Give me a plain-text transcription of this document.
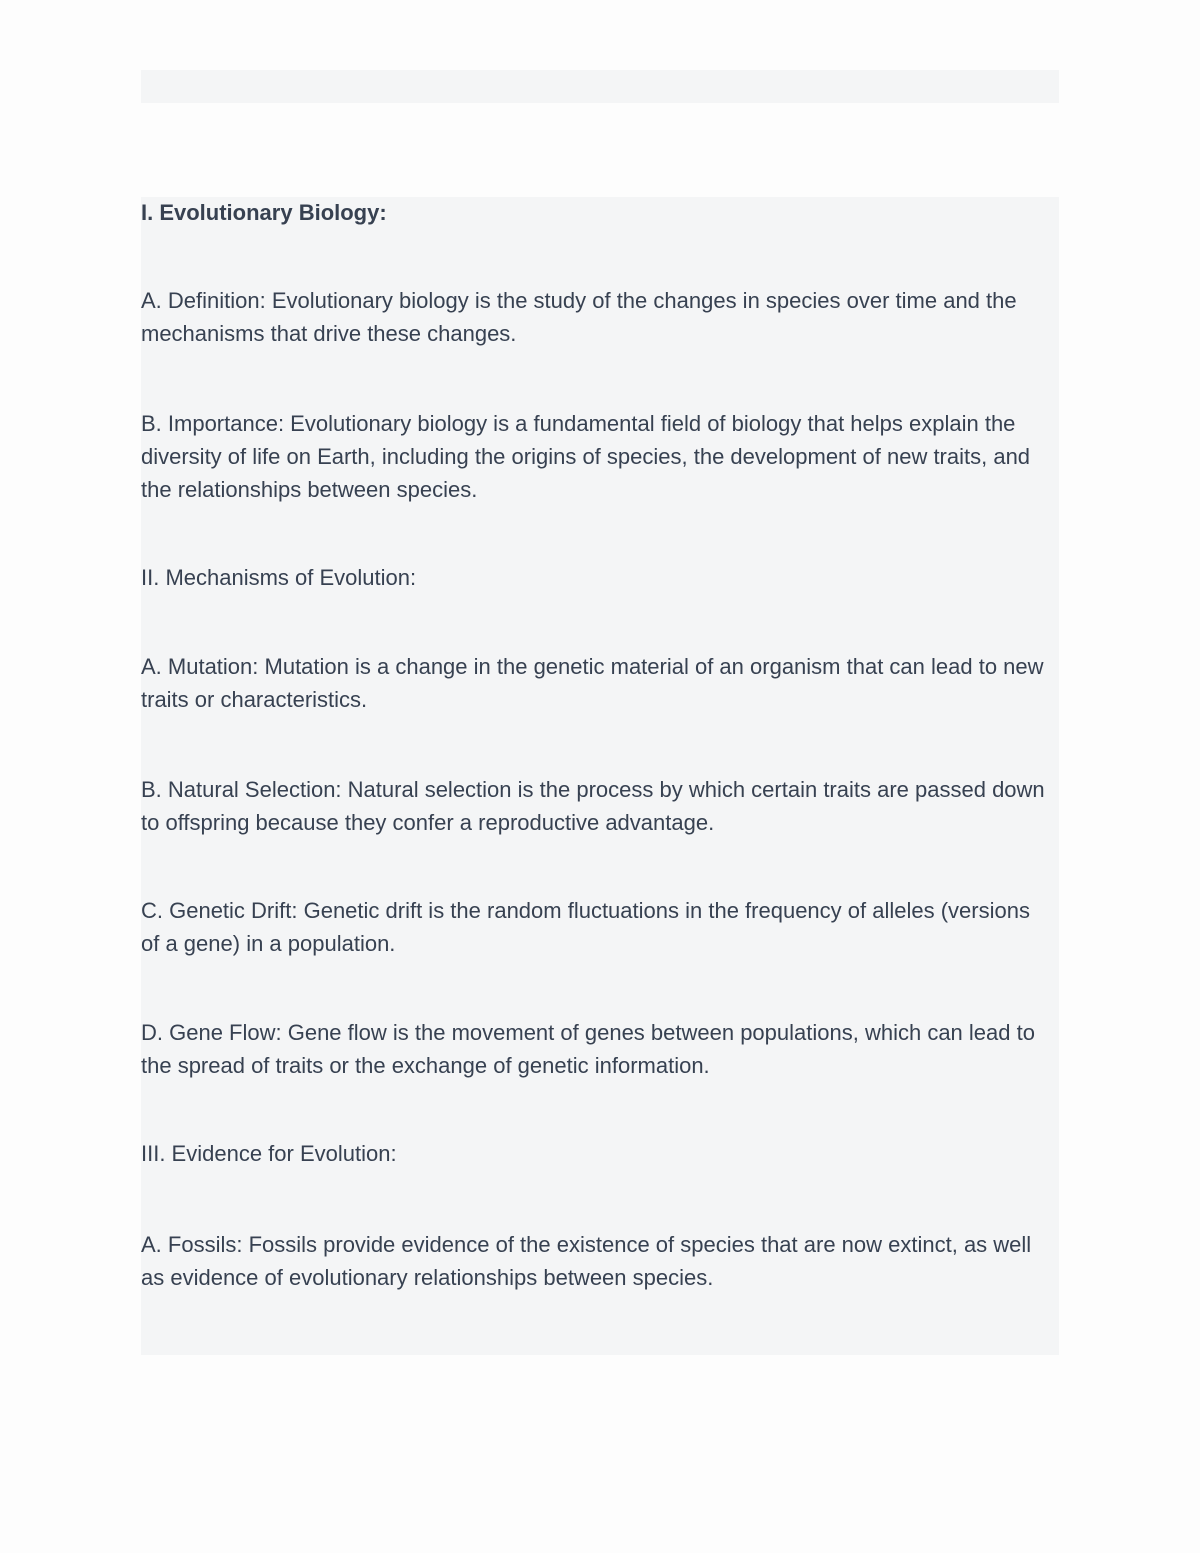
I. Evolutionary Biology:

A. Definition: Evolutionary biology is the study of the changes in species over time and the mechanisms that drive these changes.

B. Importance: Evolutionary biology is a fundamental field of biology that helps explain the diversity of life on Earth, including the origins of species, the development of new traits, and the relationships between species.

II. Mechanisms of Evolution:

A. Mutation: Mutation is a change in the genetic material of an organism that can lead to new traits or characteristics.

B. Natural Selection: Natural selection is the process by which certain traits are passed down to offspring because they confer a reproductive advantage.

C. Genetic Drift: Genetic drift is the random fluctuations in the frequency of alleles (versions of a gene) in a population.

D. Gene Flow: Gene flow is the movement of genes between populations, which can lead to the spread of traits or the exchange of genetic information.

III. Evidence for Evolution:

A. Fossils: Fossils provide evidence of the existence of species that are now extinct, as well as evidence of evolutionary relationships between species.
